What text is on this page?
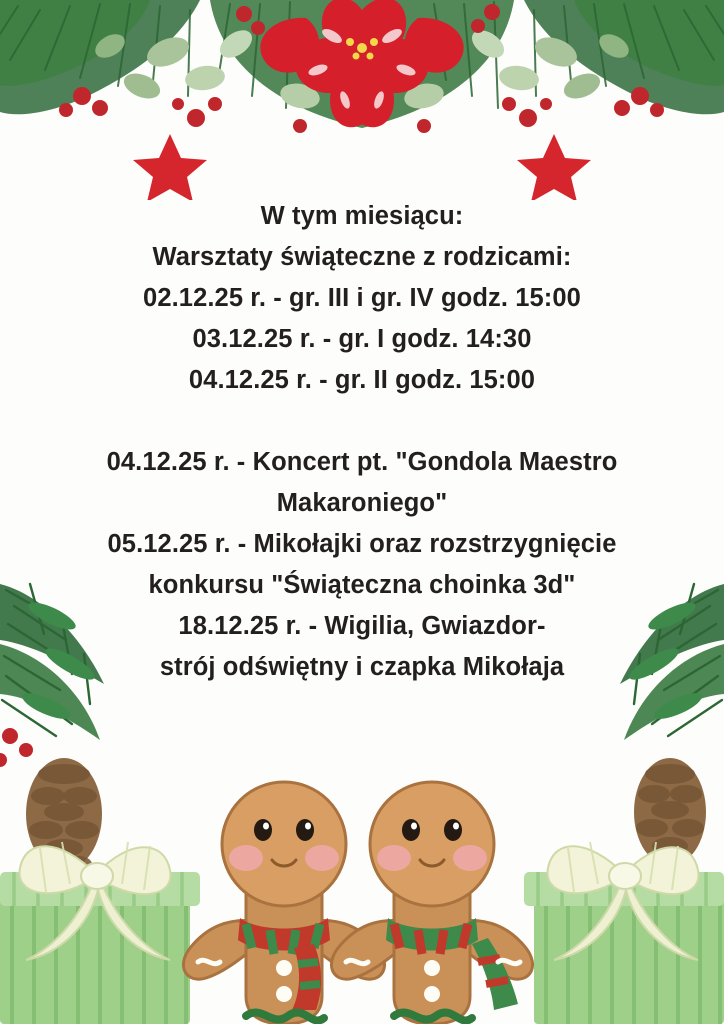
W tym miesiącu:
Warsztaty świąteczne z rodzicami:
02.12.25 r. - gr. III i gr. IV godz. 15:00
03.12.25 r. - gr. I godz. 14:30
04.12.25 r. - gr. II godz. 15:00
04.12.25 r. - Koncert pt. "Gondola Maestro
Makaroniego"
05.12.25 r. - Mikołajki oraz rozstrzygnięcie
konkursu "Świąteczna choinka 3d"
18.12.25 r. - Wigilia, Gwiazdor-
strój odświętny i czapka Mikołaja
